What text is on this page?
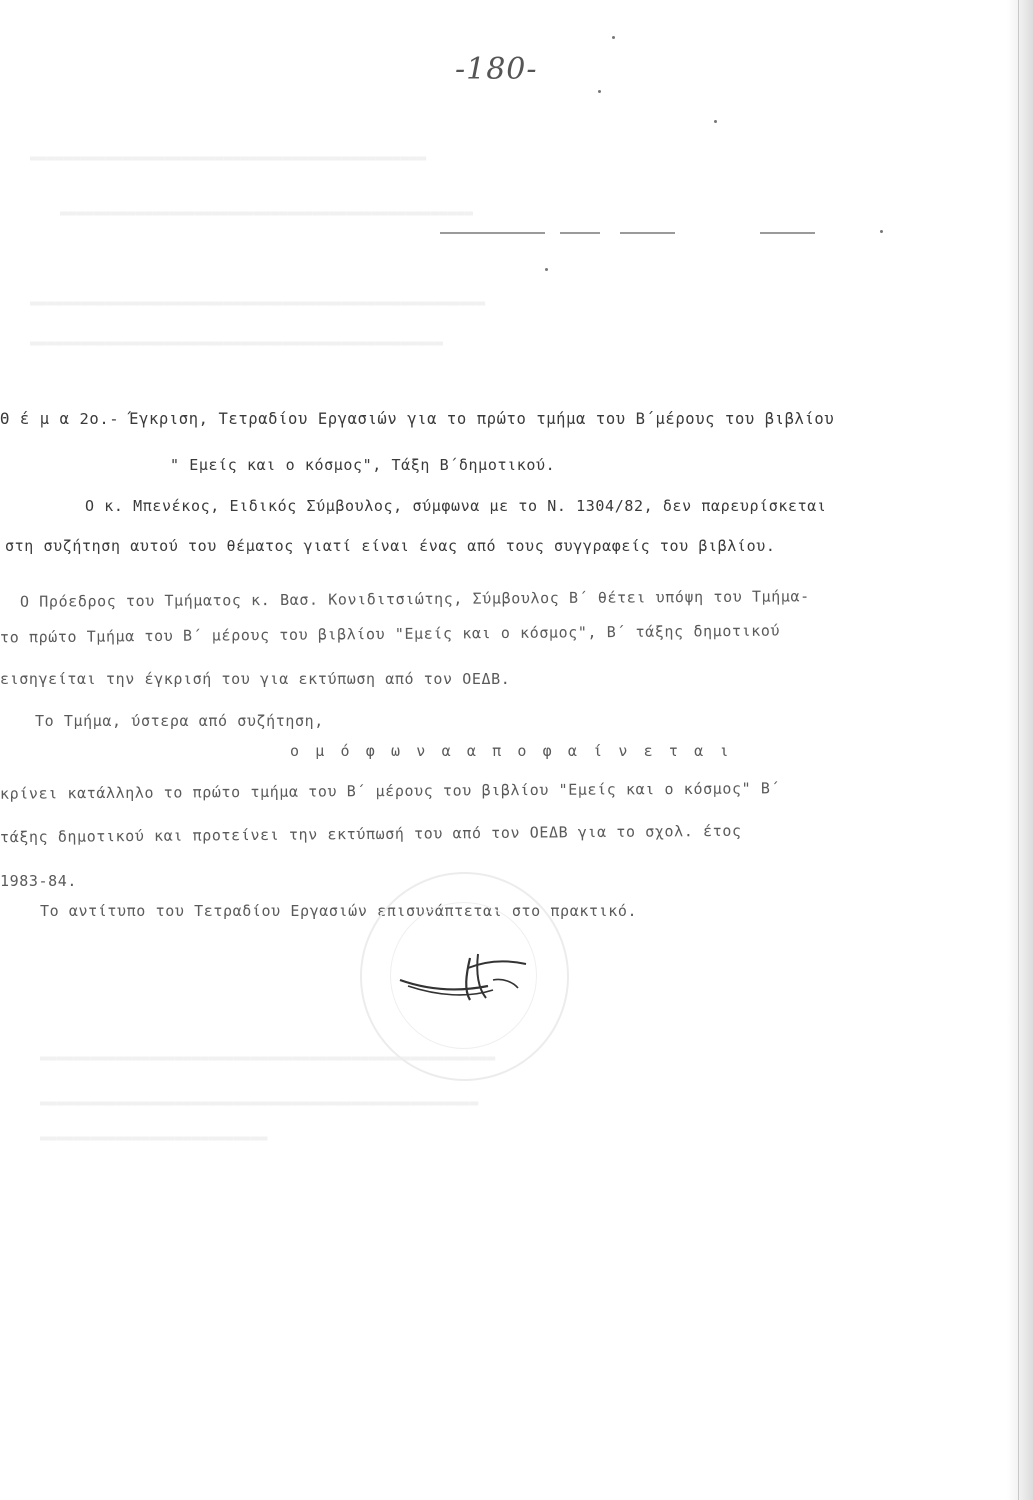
▬▬▬▬▬▬▬▬▬▬▬▬▬▬▬▬▬▬▬▬▬▬▬▬▬▬▬▬▬▬▬▬▬▬▬▬▬▬▬▬▬▬▬▬▬▬▬
▬▬▬▬▬▬▬▬▬▬▬▬▬▬▬▬▬▬▬▬▬▬▬▬▬▬▬▬▬▬▬▬▬▬▬▬▬▬▬▬▬▬▬▬▬▬▬▬▬
▬▬▬▬▬▬▬▬▬▬▬▬▬▬▬▬▬▬▬▬▬▬▬▬▬▬▬▬▬▬▬▬▬▬▬▬▬▬▬▬▬▬▬▬▬▬▬▬▬▬▬▬▬▬
▬▬▬▬▬▬▬▬▬▬▬▬▬▬▬▬▬▬▬▬▬▬▬▬▬▬▬▬▬▬▬▬▬▬▬▬▬▬▬▬▬▬▬▬▬▬▬▬▬
▬▬▬▬▬▬▬▬▬▬▬▬▬▬▬▬▬▬▬▬▬▬▬▬▬▬▬▬▬▬▬▬▬▬▬▬▬▬▬▬▬▬▬▬▬▬▬▬▬▬▬▬▬▬
▬▬▬▬▬▬▬▬▬▬▬▬▬▬▬▬▬▬▬▬▬▬▬▬▬▬▬▬▬▬▬▬▬▬▬▬▬▬▬▬▬▬▬▬▬▬▬▬▬▬▬▬
▬▬▬▬▬▬▬▬▬▬▬▬▬▬▬▬▬▬▬▬▬▬▬▬▬▬▬
-180-
Θ έ μ α 2ο.- Έγκριση, Τετραδίου Εργασιών για το πρώτο τμήμα του Β΄μέρους του βιβλίου
" Εμείς και ο κόσμος", Τάξη Β΄δημοτικού.
Ο κ. Μπενέκος, Ειδικός Σύμβουλος, σύμφωνα με το Ν. 1304/82, δεν παρευρίσκεται
στη συζήτηση αυτού του θέματος γιατί είναι ένας από τους συγγραφείς του βιβλίου.
Ο Πρόεδρος του Τμήματος κ. Βασ. Κονιδιτσιώτης, Σύμβουλος Β΄ θέτει υπόψη του Τμήμα-
το πρώτο Τμήμα του Β΄ μέρους του βιβλίου "Εμείς και ο κόσμος", Β΄ τάξης δημοτικού
εισηγείται την έγκρισή του για εκτύπωση από τον ΟΕΔΒ.
Το Τμήμα, ύστερα από συζήτηση,
ο μ ό φ ω ν α α π ο φ α ί ν ε τ α ι
κρίνει κατάλληλο το πρώτο τμήμα του Β΄ μέρους του βιβλίου "Εμείς και ο κόσμος" Β΄
τάξης δημοτικού και προτείνει την εκτύπωσή του από τον ΟΕΔΒ για το σχολ. έτος
1983-84.
Το αντίτυπο του Τετραδίου Εργασιών επισυνάπτεται στο πρακτικό.
